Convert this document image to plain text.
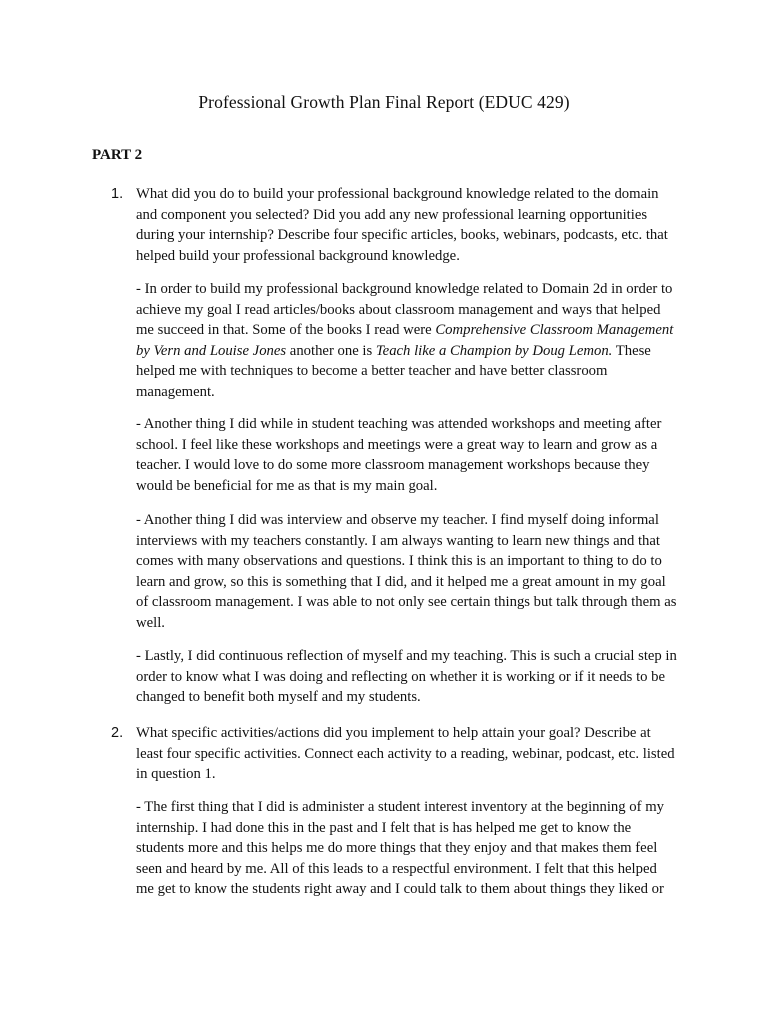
Professional Growth Plan Final Report (EDUC 429)
PART 2
1. What did you do to build your professional background knowledge related to the domain and component you selected? Did you add any new professional learning opportunities during your internship? Describe four specific articles, books, webinars, podcasts, etc. that helped build your professional background knowledge.
- In order to build my professional background knowledge related to Domain 2d in order to achieve my goal I read articles/books about classroom management and ways that helped me succeed in that. Some of the books I read were Comprehensive Classroom Management by Vern and Louise Jones another one is Teach like a Champion by Doug Lemon. These helped me with techniques to become a better teacher and have better classroom management.
- Another thing I did while in student teaching was attended workshops and meeting after school. I feel like these workshops and meetings were a great way to learn and grow as a teacher. I would love to do some more classroom management workshops because they would be beneficial for me as that is my main goal.
- Another thing I did was interview and observe my teacher. I find myself doing informal interviews with my teachers constantly. I am always wanting to learn new things and that comes with many observations and questions. I think this is an important to thing to do to learn and grow, so this is something that I did, and it helped me a great amount in my goal of classroom management. I was able to not only see certain things but talk through them as well.
- Lastly, I did continuous reflection of myself and my teaching. This is such a crucial step in order to know what I was doing and reflecting on whether it is working or if it needs to be changed to benefit both myself and my students.
2. What specific activities/actions did you implement to help attain your goal? Describe at least four specific activities. Connect each activity to a reading, webinar, podcast, etc. listed in question 1.
- The first thing that I did is administer a student interest inventory at the beginning of my internship. I had done this in the past and I felt that is has helped me get to know the students more and this helps me do more things that they enjoy and that makes them feel seen and heard by me. All of this leads to a respectful environment. I felt that this helped me get to know the students right away and I could talk to them about things they liked or
